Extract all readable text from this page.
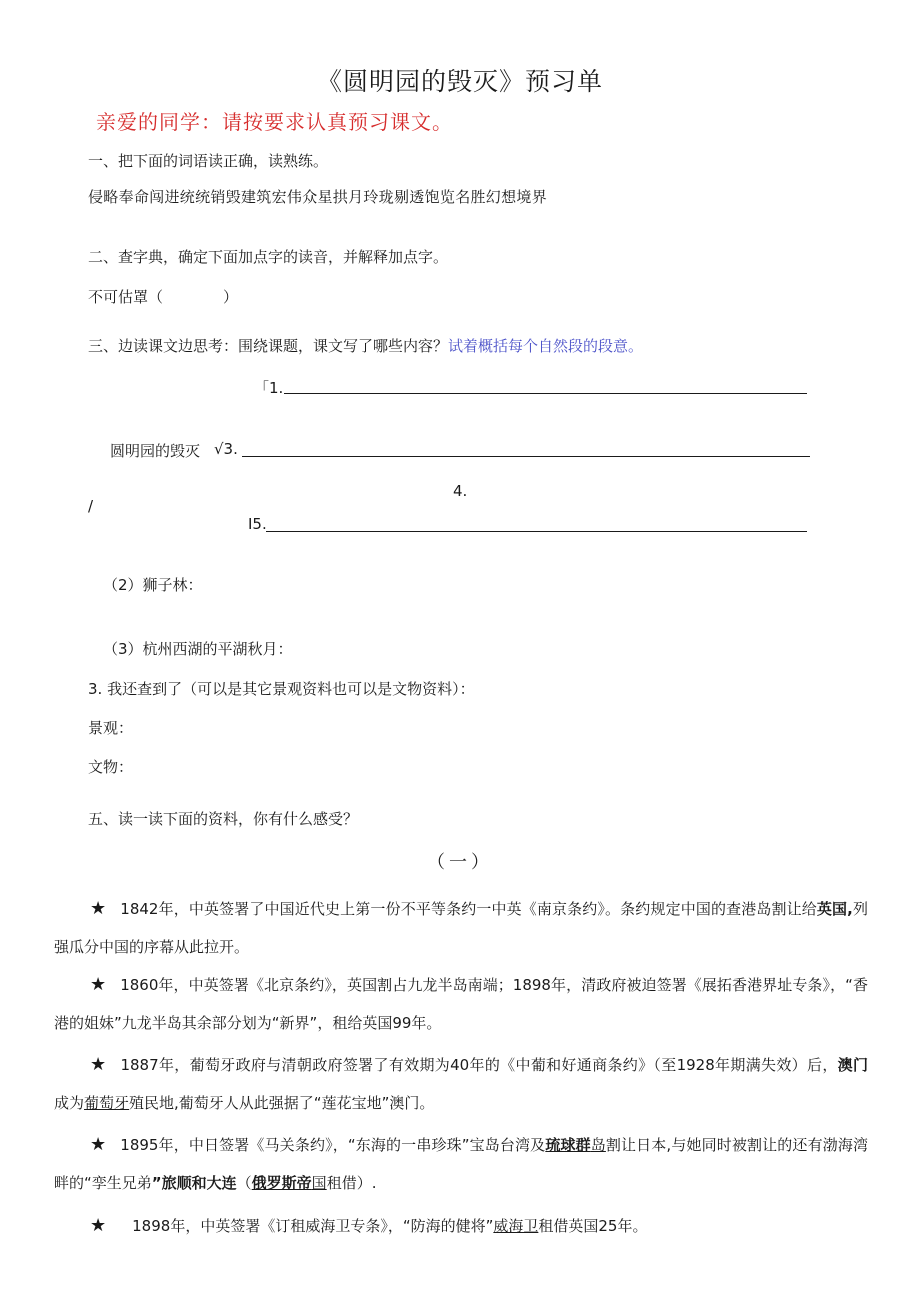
《圆明园的毁灭》预习单
亲爱的同学：请按要求认真预习课文。
一、把下面的词语读正确，读熟练。
侵略奉命闯进统统销毁建筑宏伟众星拱月玲珑剔透饱览名胜幻想境界
二、查字典，确定下面加点字的读音，并解释加点字。
不可估罩（　　　　）
三、边读课文边思考：围绕课题，课文写了哪些内容？试着概括每个自然段的段意。
「1.
圆明园的毁灭 √3.
4.
/
I5.
（2）狮子林：
（3）杭州西湖的平湖秋月：
3. 我还查到了（可以是其它景观资料也可以是文物资料）：
景观：
文物：
五、读一读下面的资料，你有什么感受？
（一）
★ 1842年，中英签署了中国近代史上第一份不平等条约一中英《南京条约》。条约规定中国的查港岛割让给英国,列强瓜分中国的序幕从此拉开。
★ 1860年，中英签署《北京条约》，英国割占九龙半岛南端；1898年，清政府被迫签署《展拓香港界址专条》，“香港的姐妹”九龙半岛其余部分划为“新界”，租给英国99年。
★ 1887年，葡萄牙政府与清朝政府签署了有效期为40年的《中葡和好通商条约》（至1928年期满失效）后，澳门成为葡萄牙殖民地,葡萄牙人从此强据了“莲花宝地”澳门。
★ 1895年，中日签署《马关条约》，“东海的一串珍珠”宝岛台湾及琉球群岛割让日本,与她同时被割让的还有渤海湾畔的“孪生兄弟”旅顺和大连（俄罗斯帝国租借）.
★ 1898年，中英签署《订租威海卫专条》，“防海的健将”威海卫租借英国25年。
